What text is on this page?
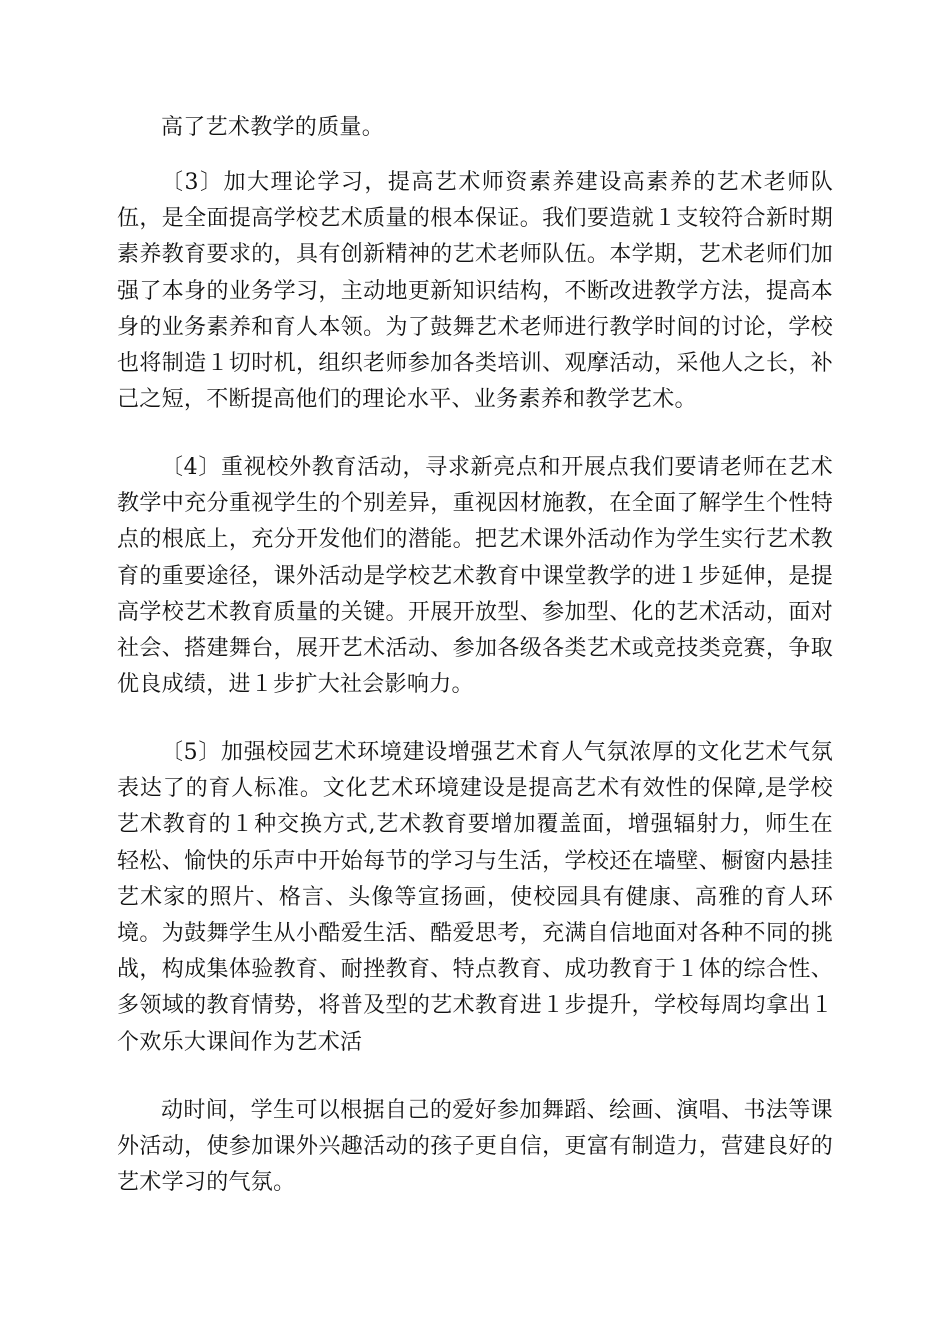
高了艺术教学的质量。

〔3〕加大理论学习，提高艺术师资素养建设高素养的艺术老师队伍，是全面提高学校艺术质量的根本保证。我们要造就１支较符合新时期素养教育要求的，具有创新精神的艺术老师队伍。本学期，艺术老师们加强了本身的业务学习，主动地更新知识结构，不断改进教学方法，提高本身的业务素养和育人本领。为了鼓舞艺术老师进行教学时间的讨论，学校也将制造１切时机，组织老师参加各类培训、观摩活动，采他人之长，补己之短，不断提高他们的理论水平、业务素养和教学艺术。

〔4〕重视校外教育活动，寻求新亮点和开展点我们要请老师在艺术教学中充分重视学生的个别差异，重视因材施教，在全面了解学生个性特点的根底上，充分开发他们的潜能。把艺术课外活动作为学生实行艺术教育的重要途径，课外活动是学校艺术教育中课堂教学的进１步延伸，是提高学校艺术教育质量的关键。开展开放型、参加型、化的艺术活动，面对社会、搭建舞台，展开艺术活动、参加各级各类艺术或竞技类竞赛，争取优良成绩，进１步扩大社会影响力。

〔5〕加强校园艺术环境建设增强艺术育人气氛浓厚的文化艺术气氛表达了的育人标准。文化艺术环境建设是提高艺术有效性的保障,是学校艺术教育的１种交换方式,艺术教育要增加覆盖面，增强辐射力，师生在轻松、愉快的乐声中开始每节的学习与生活，学校还在墙壁、橱窗内悬挂艺术家的照片、格言、头像等宣扬画，使校园具有健康、高雅的育人环境。为鼓舞学生从小酷爱生活、酷爱思考，充满自信地面对各种不同的挑战，构成集体验教育、耐挫教育、特点教育、成功教育于１体的综合性、多领域的教育情势，将普及型的艺术教育进１步提升，学校每周均拿出１个欢乐大课间作为艺术活

动时间，学生可以根据自己的爱好参加舞蹈、绘画、演唱、书法等课外活动，使参加课外兴趣活动的孩子更自信，更富有制造力，营建良好的艺术学习的气氛。
